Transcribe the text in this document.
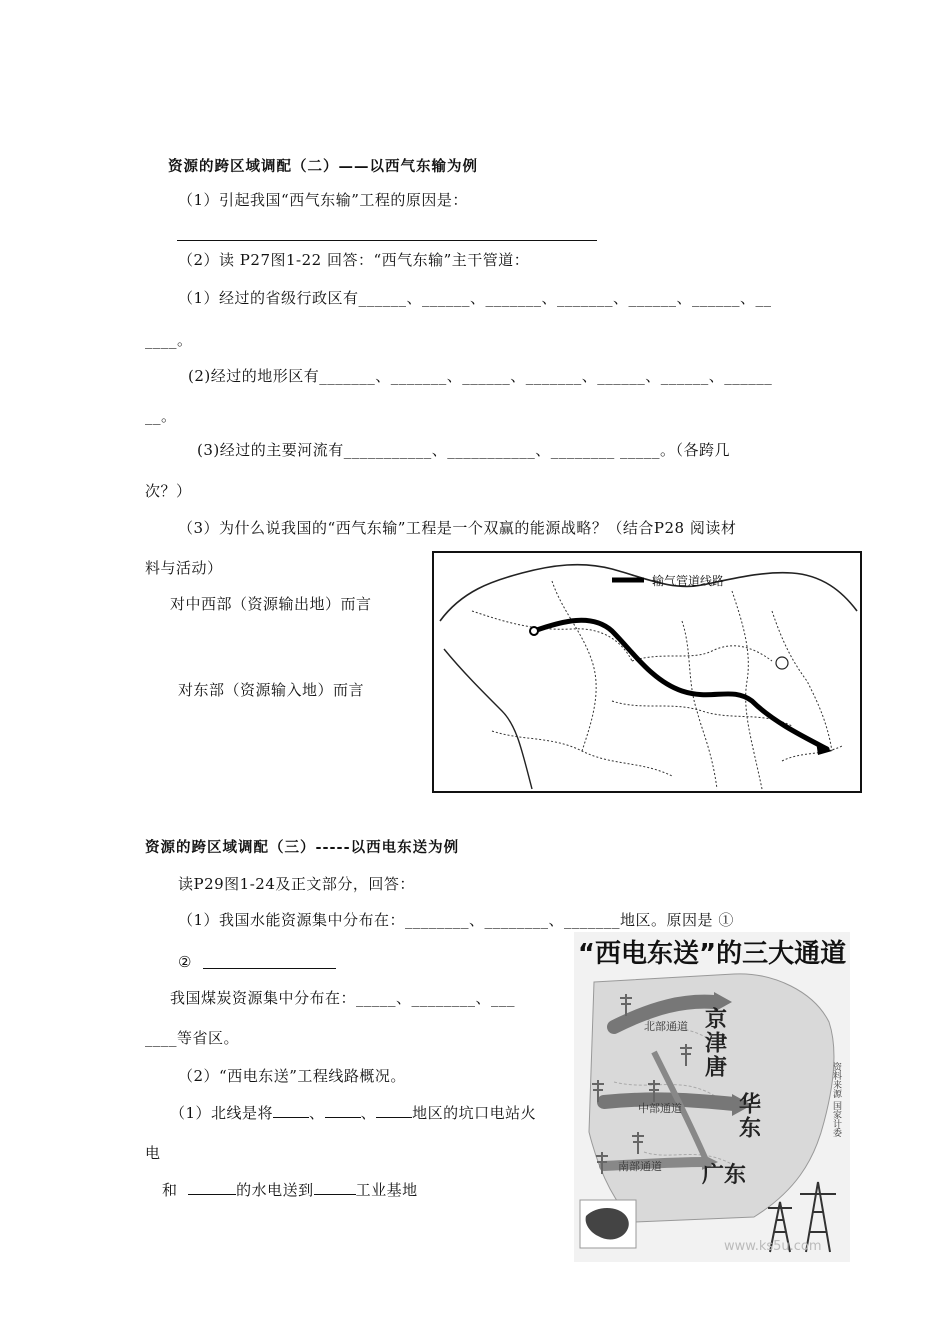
资源的跨区域调配（二）——以西气东输为例
（1）引起我国“西气东输”工程的原因是：
（2）读 P27图1-22 回答：“西气东输”主干管道：
（1）经过的省级行政区有______、______、_______、_______、______、______、__
____。
(2)经过的地形区有_______、_______、______、_______、______、______、______
__。
(3)经过的主要河流有___________、___________、________ _____。（各跨几
次？）
（3）为什么说我国的“西气东输”工程是一个双赢的能源战略？（结合P28 阅读材
料与活动）
对中西部（资源输出地）而言
对东部（资源输入地）而言
输气管道线路
资源的跨区域调配（三）-----以西电东送为例
读P29图1-24及正文部分，回答：
（1）我国水能资源集中分布在：________、________、_______地区。原因是 ①
②
我国煤炭资源集中分布在：_____、________、___
____等省区。
（2）“西电东送”工程线路概况。
（1）北线是将 、 、 地区的坑口电站火
电
和	的水电送到	工业基地
“西电东送”的三大通道
北部通道
中部通道
南部通道
京津唐
华东
广东
资料来源 国家计委
www.ks5u.com
